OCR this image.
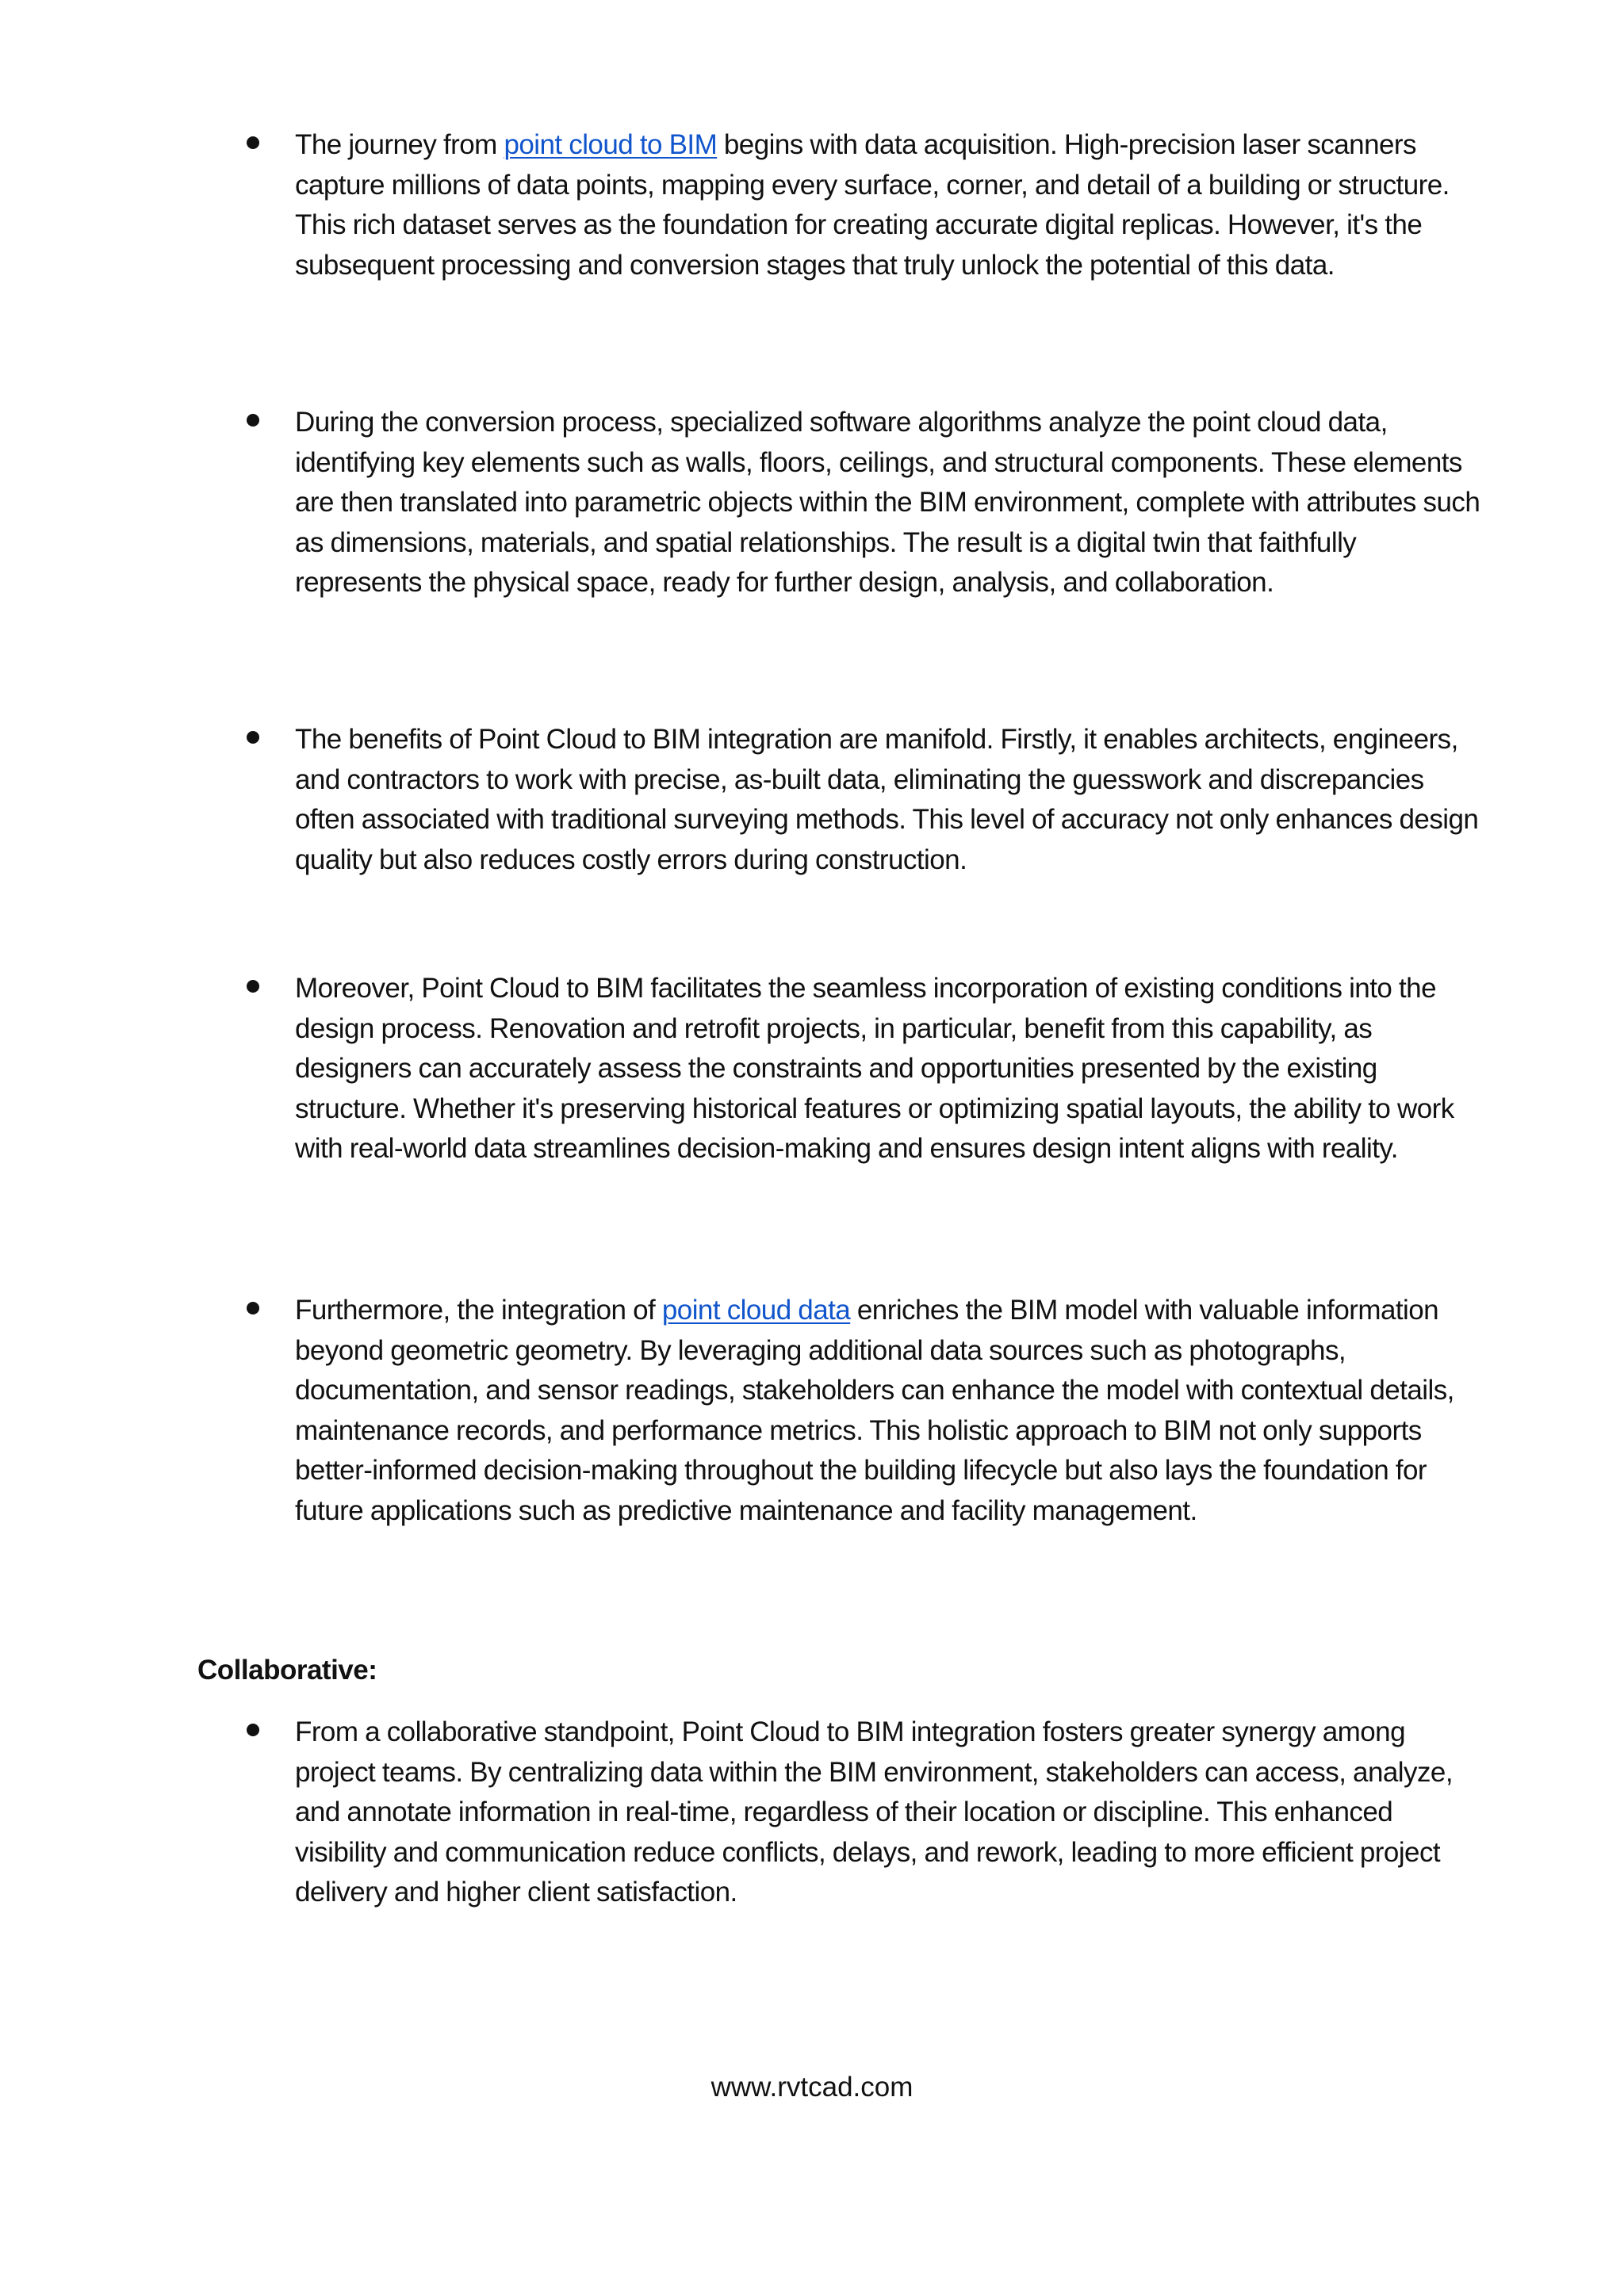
The journey from point cloud to BIM begins with data acquisition. High-precision laser scanners capture millions of data points, mapping every surface, corner, and detail of a building or structure. This rich dataset serves as the foundation for creating accurate digital replicas. However, it's the subsequent processing and conversion stages that truly unlock the potential of this data.
During the conversion process, specialized software algorithms analyze the point cloud data, identifying key elements such as walls, floors, ceilings, and structural components. These elements are then translated into parametric objects within the BIM environment, complete with attributes such as dimensions, materials, and spatial relationships. The result is a digital twin that faithfully represents the physical space, ready for further design, analysis, and collaboration.
The benefits of Point Cloud to BIM integration are manifold. Firstly, it enables architects, engineers, and contractors to work with precise, as-built data, eliminating the guesswork and discrepancies often associated with traditional surveying methods. This level of accuracy not only enhances design quality but also reduces costly errors during construction.
Moreover, Point Cloud to BIM facilitates the seamless incorporation of existing conditions into the design process. Renovation and retrofit projects, in particular, benefit from this capability, as designers can accurately assess the constraints and opportunities presented by the existing structure. Whether it's preserving historical features or optimizing spatial layouts, the ability to work with real-world data streamlines decision-making and ensures design intent aligns with reality.
Furthermore, the integration of point cloud data enriches the BIM model with valuable information beyond geometric geometry. By leveraging additional data sources such as photographs, documentation, and sensor readings, stakeholders can enhance the model with contextual details, maintenance records, and performance metrics. This holistic approach to BIM not only supports better-informed decision-making throughout the building lifecycle but also lays the foundation for future applications such as predictive maintenance and facility management.
Collaborative:
From a collaborative standpoint, Point Cloud to BIM integration fosters greater synergy among project teams. By centralizing data within the BIM environment, stakeholders can access, analyze, and annotate information in real-time, regardless of their location or discipline. This enhanced visibility and communication reduce conflicts, delays, and rework, leading to more efficient project delivery and higher client satisfaction.
www.rvtcad.com
